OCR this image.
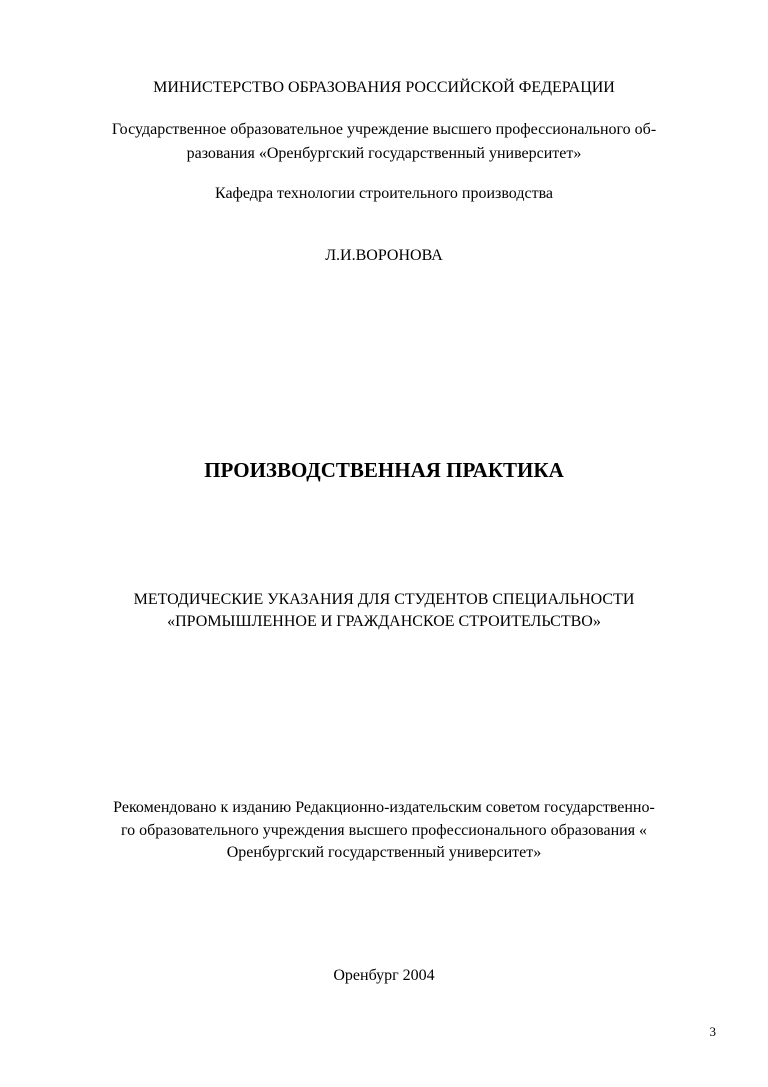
МИНИСТЕРСТВО ОБРАЗОВАНИЯ РОССИЙСКОЙ ФЕДЕРАЦИИ
Государственное образовательное учреждение высшего профессионального об-
разования «Оренбургский государственный университет»
Кафедра технологии строительного производства
Л.И.ВОРОНОВА
ПРОИЗВОДСТВЕННАЯ ПРАКТИКА
МЕТОДИЧЕСКИЕ УКАЗАНИЯ ДЛЯ СТУДЕНТОВ СПЕЦИАЛЬНОСТИ
«ПРОМЫШЛЕННОЕ И ГРАЖДАНСКОЕ СТРОИТЕЛЬСТВО»
Рекомендовано к изданию Редакционно-издательским советом государственно-
го образовательного учреждения высшего профессионального образования «
Оренбургский государственный университет»
Оренбург 2004
3
